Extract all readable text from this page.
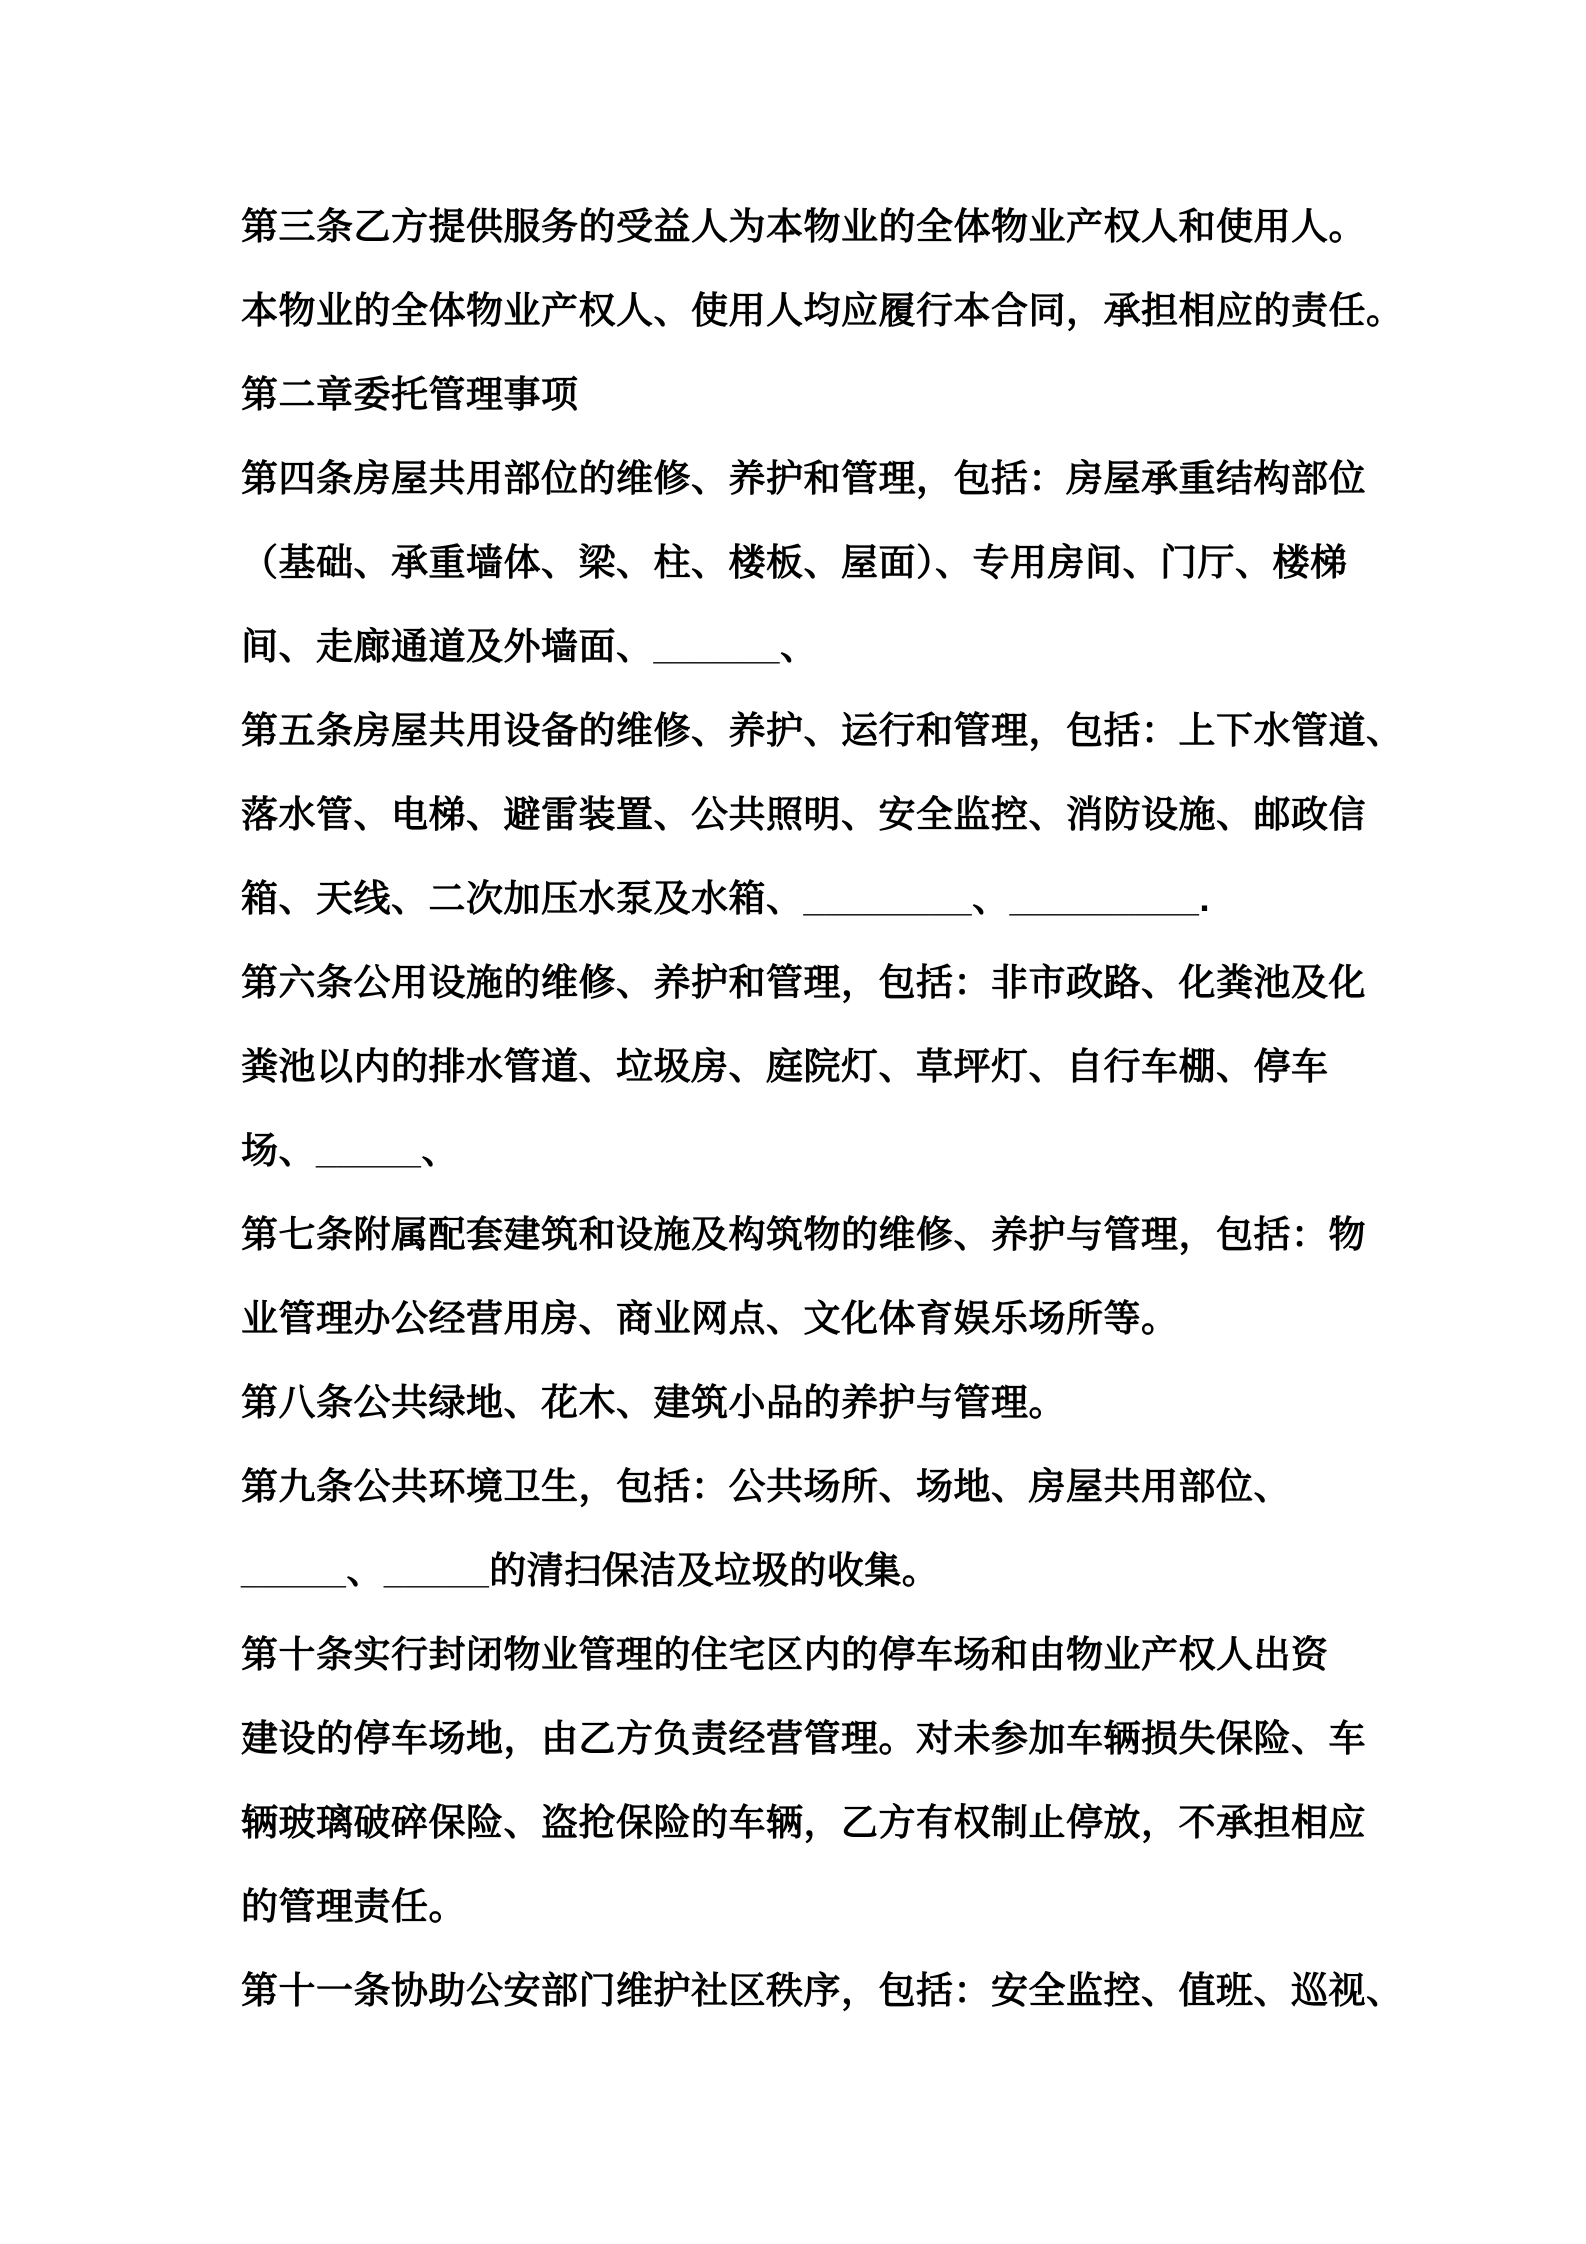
第三条乙方提供服务的受益人为本物业的全体物业产权人和使用人。

本物业的全体物业产权人、使用人均应履行本合同，承担相应的责任。

第二章委托管理事项

第四条房屋共用部位的维修、养护和管理，包括：房屋承重结构部位

（基础、承重墙体、梁、柱、楼板、屋面）、专用房间、门厅、楼梯

间、走廊通道及外墙面、______、

第五条房屋共用设备的维修、养护、运行和管理，包括：上下水管道、

落水管、电梯、避雷装置、公共照明、安全监控、消防设施、邮政信

箱、天线、二次加压水泵及水箱、________、_________.

第六条公用设施的维修、养护和管理，包括：非市政路、化粪池及化

粪池以内的排水管道、垃圾房、庭院灯、草坪灯、自行车棚、停车

场、_____、

第七条附属配套建筑和设施及构筑物的维修、养护与管理，包括：物

业管理办公经营用房、商业网点、文化体育娱乐场所等。

第八条公共绿地、花木、建筑小品的养护与管理。

第九条公共环境卫生，包括：公共场所、场地、房屋共用部位、

_____、_____的清扫保洁及垃圾的收集。

第十条实行封闭物业管理的住宅区内的停车场和由物业产权人出资

建设的停车场地，由乙方负责经营管理。对未参加车辆损失保险、车

辆玻璃破碎保险、盗抢保险的车辆，乙方有权制止停放，不承担相应

的管理责任。

第十一条协助公安部门维护社区秩序，包括：安全监控、值班、巡视、
